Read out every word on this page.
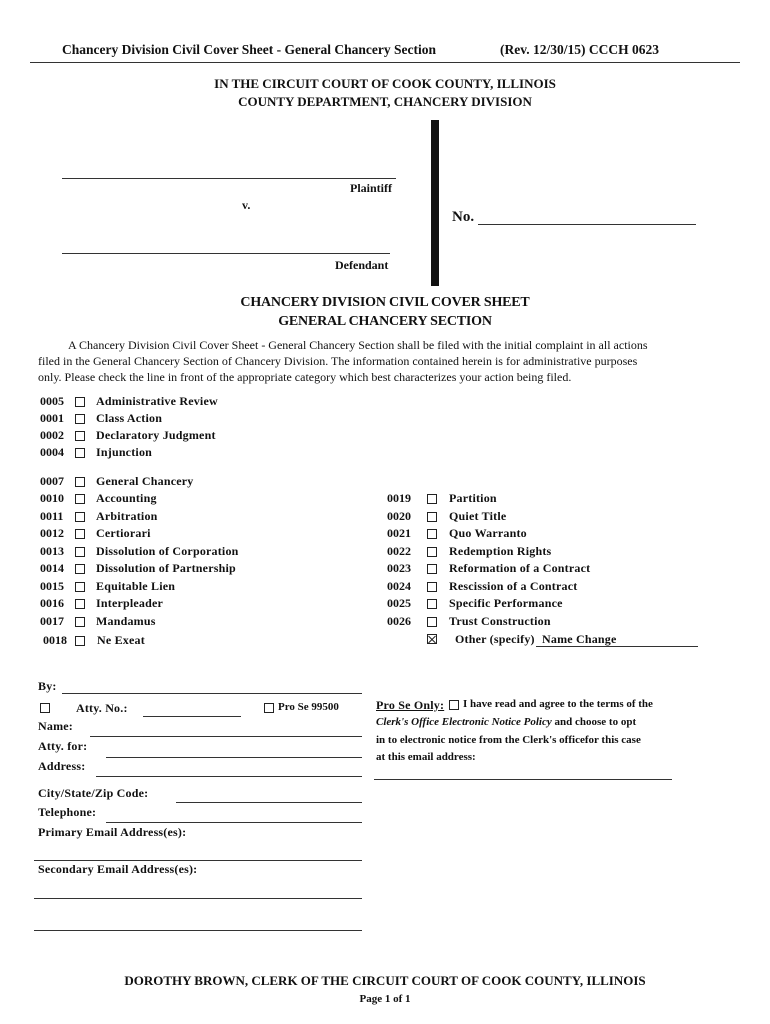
Chancery Division Civil Cover Sheet - General Chancery Section	(Rev. 12/30/15) CCCH 0623
IN THE CIRCUIT COURT OF COOK COUNTY, ILLINOIS
COUNTY DEPARTMENT, CHANCERY DIVISION
Plaintiff
v.
Defendant
No.
CHANCERY DIVISION CIVIL COVER SHEET
GENERAL CHANCERY SECTION
A Chancery Division Civil Cover Sheet - General Chancery Section shall be filed with the initial complaint in all actions
filed in the General Chancery Section of Chancery Division. The information contained herein is for administrative purposes
only. Please check the line in front of the appropriate category which best characterizes your action being filed.
0005	Administrative Review
0001	Class Action
0002	Declaratory Judgment
0004	Injunction
0007	General Chancery
0010	Accounting
0011	Arbitration
0012	Certiorari
0013	Dissolution of Corporation
0014	Dissolution of Partnership
0015	Equitable Lien
0016	Interpleader
0017	Mandamus
0018	Ne Exeat
0019	Partition
0020	Quiet Title
0021	Quo Warranto
0022	Redemption Rights
0023	Reformation of a Contract
0024	Rescission of a Contract
0025	Specific Performance
0026	Trust Construction
Other (specify) Name Change
By:
Atty. No.:	Pro Se 99500
Name:
Atty. for:
Address:
City/State/Zip Code:
Telephone:
Primary Email Address(es):
Secondary Email Address(es):
Pro Se Only: I have read and agree to the terms of the
Clerk's Office Electronic Notice Policy and choose to opt
in to electronic notice from the Clerk's officefor this case
at this email address:
DOROTHY BROWN, CLERK OF THE CIRCUIT COURT OF COOK COUNTY, ILLINOIS
Page 1 of 1
